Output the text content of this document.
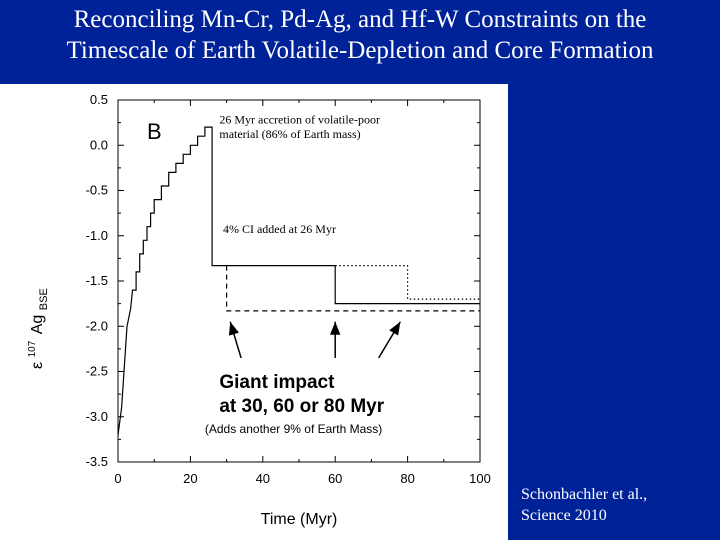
Reconciling Mn-Cr, Pd-Ag, and Hf-W Constraints on the
Timescale of Earth Volatile-Depletion and Core Formation
0.5
0.0
-0.5
-1.0
-1.5
-2.0
-2.5
-3.0
-3.5
0	20	40	60	80	100
26 Myr accretion of volatile-poor
material (86% of Earth mass)
4% CI added at 26 Myr
Giant impact
at 30, 60 or 80 Myr
(Adds another 9% of Earth Mass)
B
Time (Myr)
ε $^{107}$ Ag $_{BSE}$
Schonbachler et al.,
Science 2010
